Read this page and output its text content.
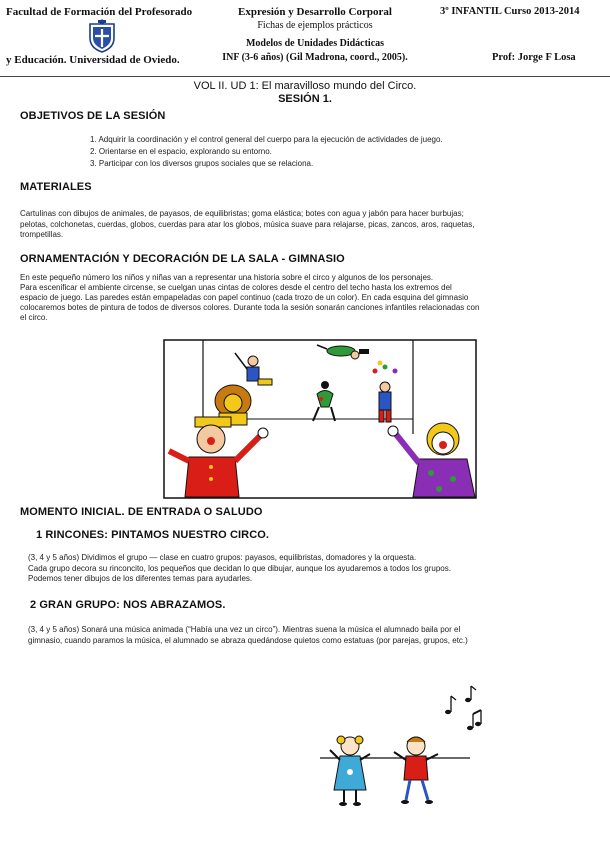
Facultad de Formación del Profesorado
y Educación. Universidad de Oviedo.
Expresión y Desarrollo Corporal
Fichas de ejemplos prácticos
Modelos de Unidades Didácticas
INF (3-6 años) (Gil Madrona, coord., 2005).
3º INFANTIL Curso 2013-2014
Prof: Jorge F Losa
VOL II. UD 1: El maravilloso mundo del Circo.
SESIÓN 1.
OBJETIVOS DE LA SESIÓN
1. Adquirir la coordinación y el control general del cuerpo para la ejecución de actividades de juego.
2. Orientarse en el espacio, explorando su entorno.
3. Participar con los diversos grupos sociales que se relaciona.
MATERIALES
Cartulinas con dibujos de animales, de payasos, de equilibristas; goma elástica; botes con agua y jabón para hacer burbujas;
pelotas, colchonetas, cuerdas, globos, cuerdas para atar los globos, música suave para relajarse, picas, zancos, aros, raquetas,
trompetillas.
ORNAMENTACIÓN Y DECORACIÓN DE LA SALA - GIMNASIO
En este pequeño número los niños y niñas van a representar una historia sobre el circo y algunos de los personajes.
Para escenificar el ambiente circense, se cuelgan unas cintas de colores desde el centro del techo hasta los extremos del
espacio de juego. Las paredes están empapeladas con papel continuo (cada trozo de un color). En cada esquina del gimnasio
colocaremos botes de pintura de todos de diversos colores. Durante toda la sesión sonarán canciones infantiles relacionadas con
el circo.
MOMENTO INICIAL. DE ENTRADA O SALUDO
1 RINCONES: PINTAMOS NUESTRO CIRCO.
(3, 4 y 5 años) Dividimos el grupo — clase en cuatro grupos: payasos, equilibristas, domadores y la orquesta.
Cada grupo decora su rinconcito, los pequeños que decidan lo que dibujar, aunque los ayudaremos a todos los grupos.
Podemos tener dibujos de los diferentes temas para ayudarles.
2 GRAN GRUPO: NOS ABRAZAMOS.
(3, 4 y 5 años) Sonará una música animada (“Había una vez un circo”). Mientras suena la música el alumnado baila por el
gimnasio, cuando paramos la música, el alumnado se abraza quedándose quietos como estatuas (por parejas, grupos, etc.)
